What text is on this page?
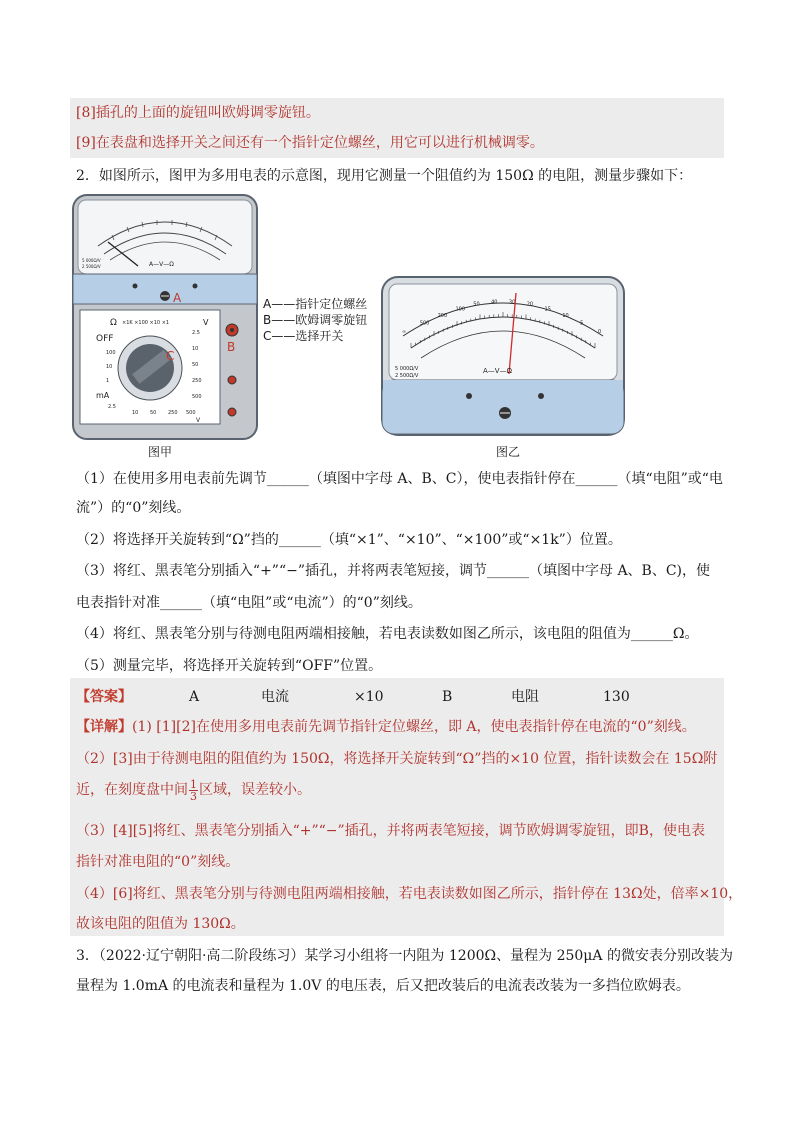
[8]插孔的上面的旋钮叫欧姆调零旋钮。
[9]在表盘和选择开关之间还有一个指针定位螺丝，用它可以进行机械调零。
2．如图所示，图甲为多用电表的示意图，现用它测量一个阻值约为 150Ω 的电阻，测量步骤如下：
A—V—Ω
5 000Ω/V
2 500Ω/V
A
Ω ×1K ×100 ×10 ×1	V
OFF
mA
100
10
1
2.5
2.5
10
50
250
500
10 50 250 500
V
C
B
图甲
A——指针定位螺丝
B——欧姆调零旋钮
C——选择开关	∞
500
200
100
50 40 30 20
15
10
5
0
A—V—Ω
5 000Ω/V
2 500Ω/V
图乙
（1）在使用多用电表前先调节______（填图中字母 A、B、C），使电表指针停在______（填“电阻”或“电
流”）的“0”刻线。
（2）将选择开关旋转到“Ω”挡的______（填“×1”、“×10”、“×100”或“×1k”）位置。
（3）将红、黑表笔分别插入“+”“−”插孔，并将两表笔短接，调节______（填图中字母 A、B、C)，使
电表指针对准______（填“电阻”或“电流”）的“0”刻线。
（4）将红、黑表笔分别与待测电阻两端相接触，若电表读数如图乙所示，该电阻的阻值为______Ω。
（5）测量完毕，将选择开关旋转到“OFF”位置。
【答案】	A	电流	×10	B	电阻	130
【详解】(1) [1][2]在使用多用电表前先调节指针定位螺丝，即 A，使电表指针停在电流的“0”刻线。
（2）[3]由于待测电阻的阻值约为 150Ω，将选择开关旋转到“Ω”挡的×10 位置，指针读数会在 15Ω附
近，在刻度盘中间 $\frac{1}{3}$ 区域，误差较小。
（3）[4][5]将红、黑表笔分别插入“+”“−”插孔，并将两表笔短接，调节欧姆调零旋钮，即B，使电表
指针对准电阻的“0”刻线。
（4）[6]将红、黑表笔分别与待测电阻两端相接触，若电表读数如图乙所示，指针停在 13Ω处，倍率×10，
故该电阻的阻值为 130Ω。
3．（2022·辽宁朝阳·高二阶段练习）某学习小组将一内阻为 1200Ω、量程为 250μA 的微安表分别改装为
量程为 1.0mA 的电流表和量程为 1.0V 的电压表，后又把改装后的电流表改装为一多挡位欧姆表。
